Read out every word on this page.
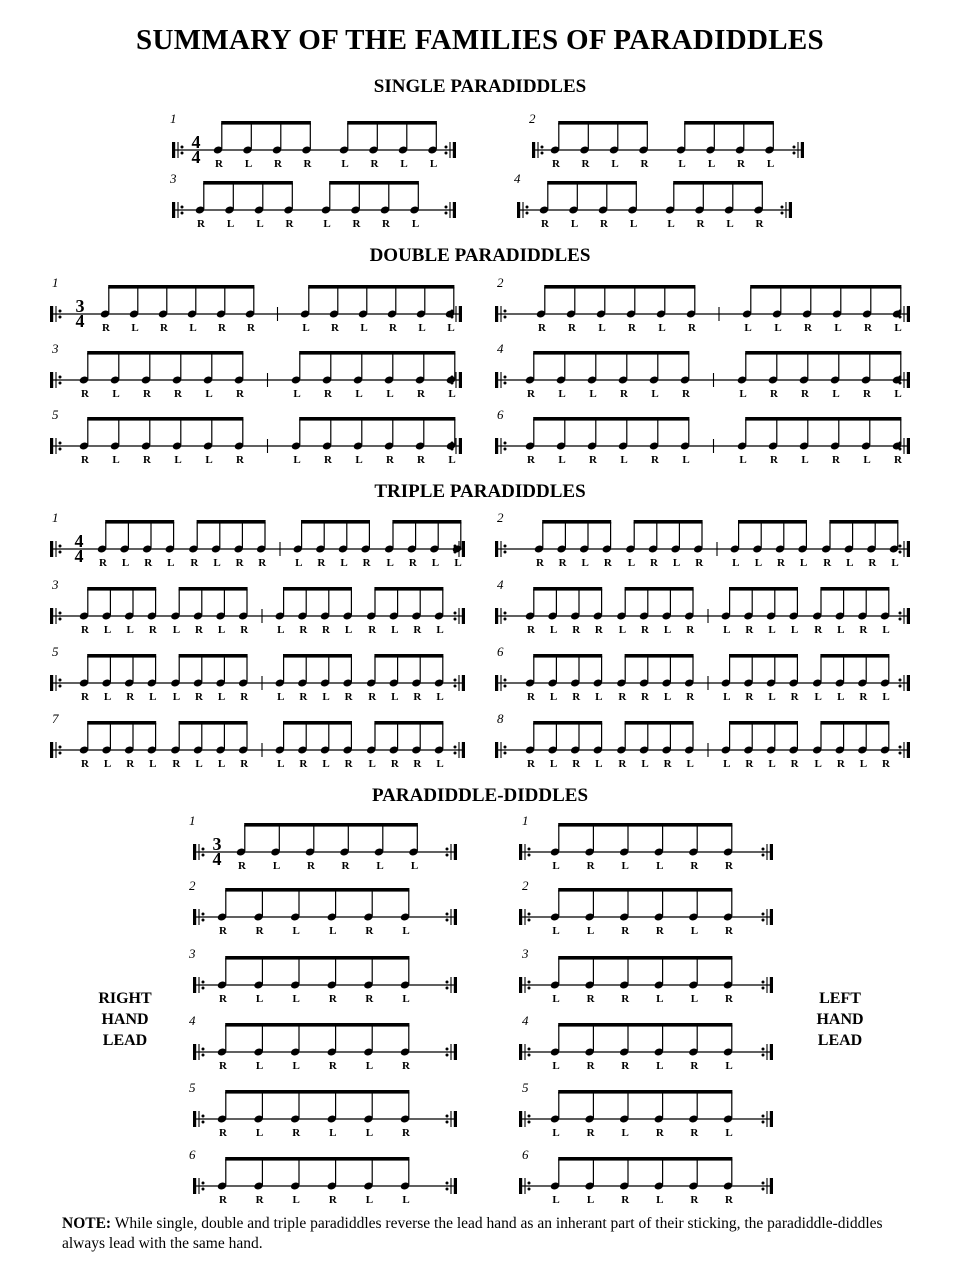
SUMMARY OF THE FAMILIES OF PARADIDDLES
SINGLE PARADIDDLES
DOUBLE PARADIDDLES
TRIPLE PARADIDDLES
PARADIDDLE-DIDDLES
RIGHT HAND LEAD
LEFT HAND LEAD
NOTE: While single, double and triple paradiddles reverse the lead hand as an inherant part of their sticking, the paradiddle-diddles always lead with the same hand.
4
4
1
R L R R	L R L L
2
R R L R	L L R L
3
R L L R	L R R L
4
R L R L	L R L R
3
4
1
R L R L R R	L R L R L L
2
R R L R L R	L L R L R L
3
R L R R L R	L R L L R L
4
R L L R L R	L R R L R L
5
R L R L L R	L R L R R L
6
R L R L R L	L R L R L R
4
4
1
R L R L R L R R	L R L R L R L L
2
R R L R L R L R	L L R L R L R L
3
R L L R L R L R	L R R L R L R L
4
R L R R L R L R	L R L L R L R L
5
R L R L L R L R	L R L R R L R L
6
R L R L R R L R	L R L R L L R L
7
R L R L R L L R	L R L R L R R L
8
R L R L R L R L	L R L R L R L R
3
4
1
R L R R L L
2
R	R	L	L	R	L
3
R	L	L	R	R	L
4
R	L	L	R	L	R
5
R	L	R	L	L	R
6
R	R	L	R	L	L
1
L R L L R R
2
L L R R L R
3
L R R L L R
4
L R R L R L
5
L R L R R L
6
L L R L R R
